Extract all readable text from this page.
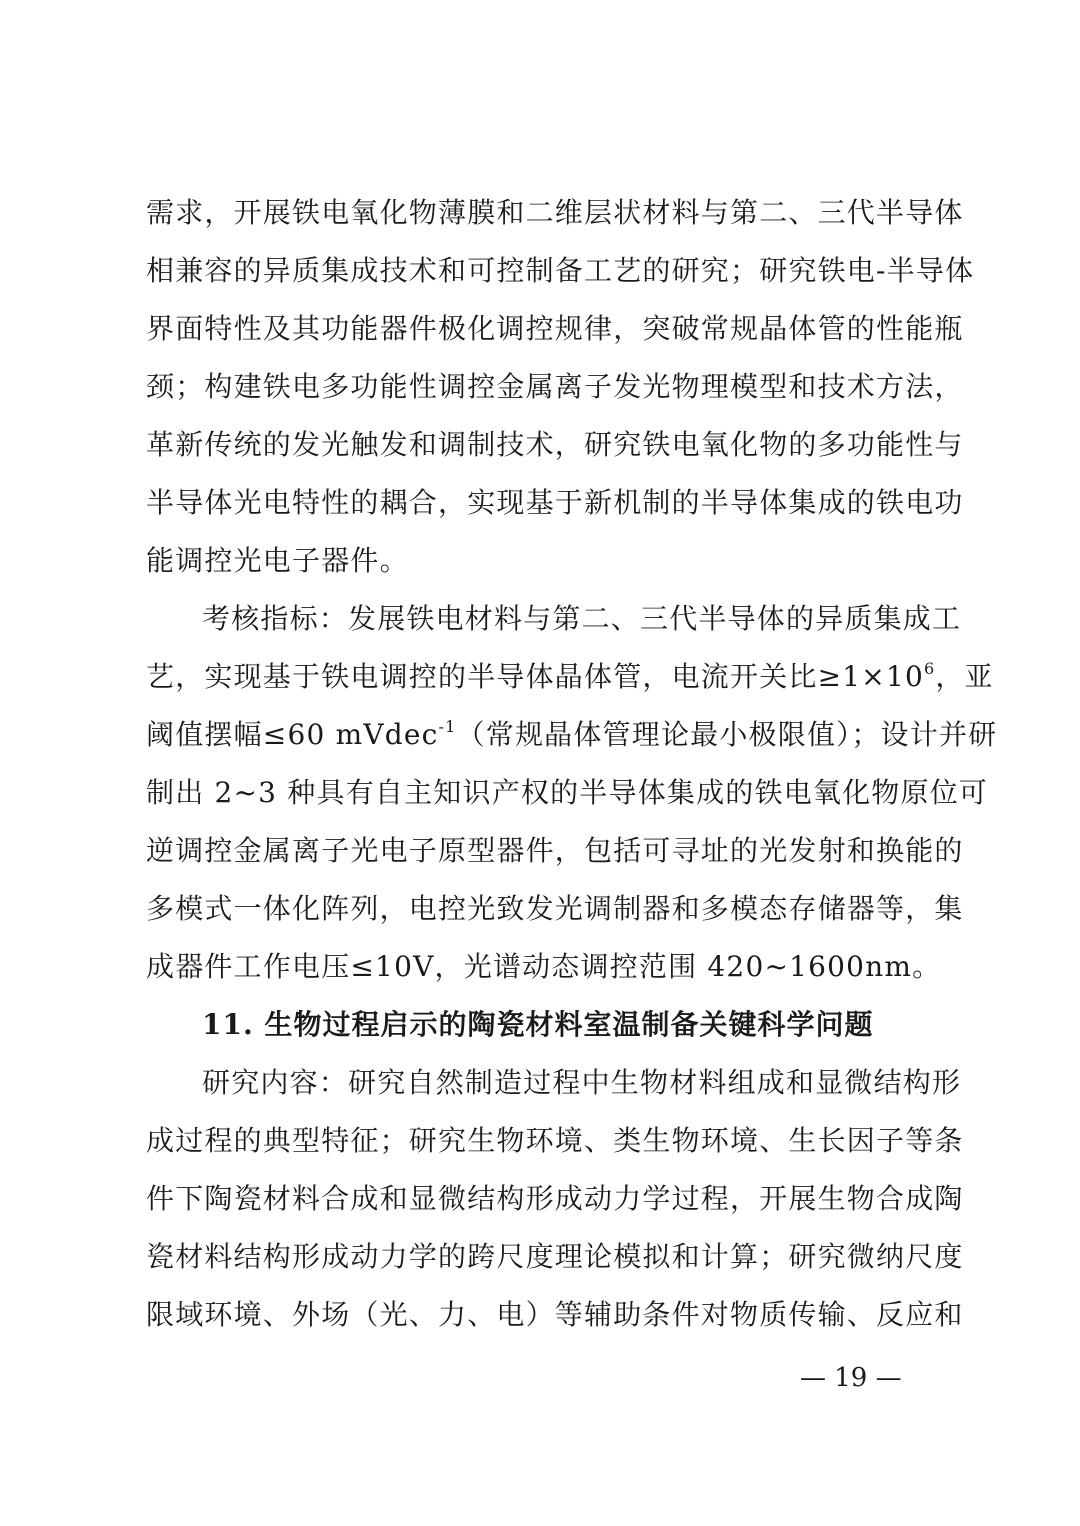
需求，开展铁电氧化物薄膜和二维层状材料与第二、三代半导体
相兼容的异质集成技术和可控制备工艺的研究；研究铁电-半导体
界面特性及其功能器件极化调控规律，突破常规晶体管的性能瓶
颈；构建铁电多功能性调控金属离子发光物理模型和技术方法，
革新传统的发光触发和调制技术，研究铁电氧化物的多功能性与
半导体光电特性的耦合，实现基于新机制的半导体集成的铁电功
能调控光电子器件。
考核指标：发展铁电材料与第二、三代半导体的异质集成工
艺，实现基于铁电调控的半导体晶体管，电流开关比$\ge 1\times 10^6$，亚
阈值摆幅≤60 mVdec$^{-1}$（常规晶体管理论最小极限值）；设计并研
制出 2~3 种具有自主知识产权的半导体集成的铁电氧化物原位可
逆调控金属离子光电子原型器件，包括可寻址的光发射和换能的
多模式一体化阵列，电控光致发光调制器和多模态存储器等，集
成器件工作电压≤10V，光谱动态调控范围 420~1600nm。
11. 生物过程启示的陶瓷材料室温制备关键科学问题
研究内容：研究自然制造过程中生物材料组成和显微结构形
成过程的典型特征；研究生物环境、类生物环境、生长因子等条
件下陶瓷材料合成和显微结构形成动力学过程，开展生物合成陶
瓷材料结构形成动力学的跨尺度理论模拟和计算；研究微纳尺度
限域环境、外场（光、力、电）等辅助条件对物质传输、反应和
— 19 —
